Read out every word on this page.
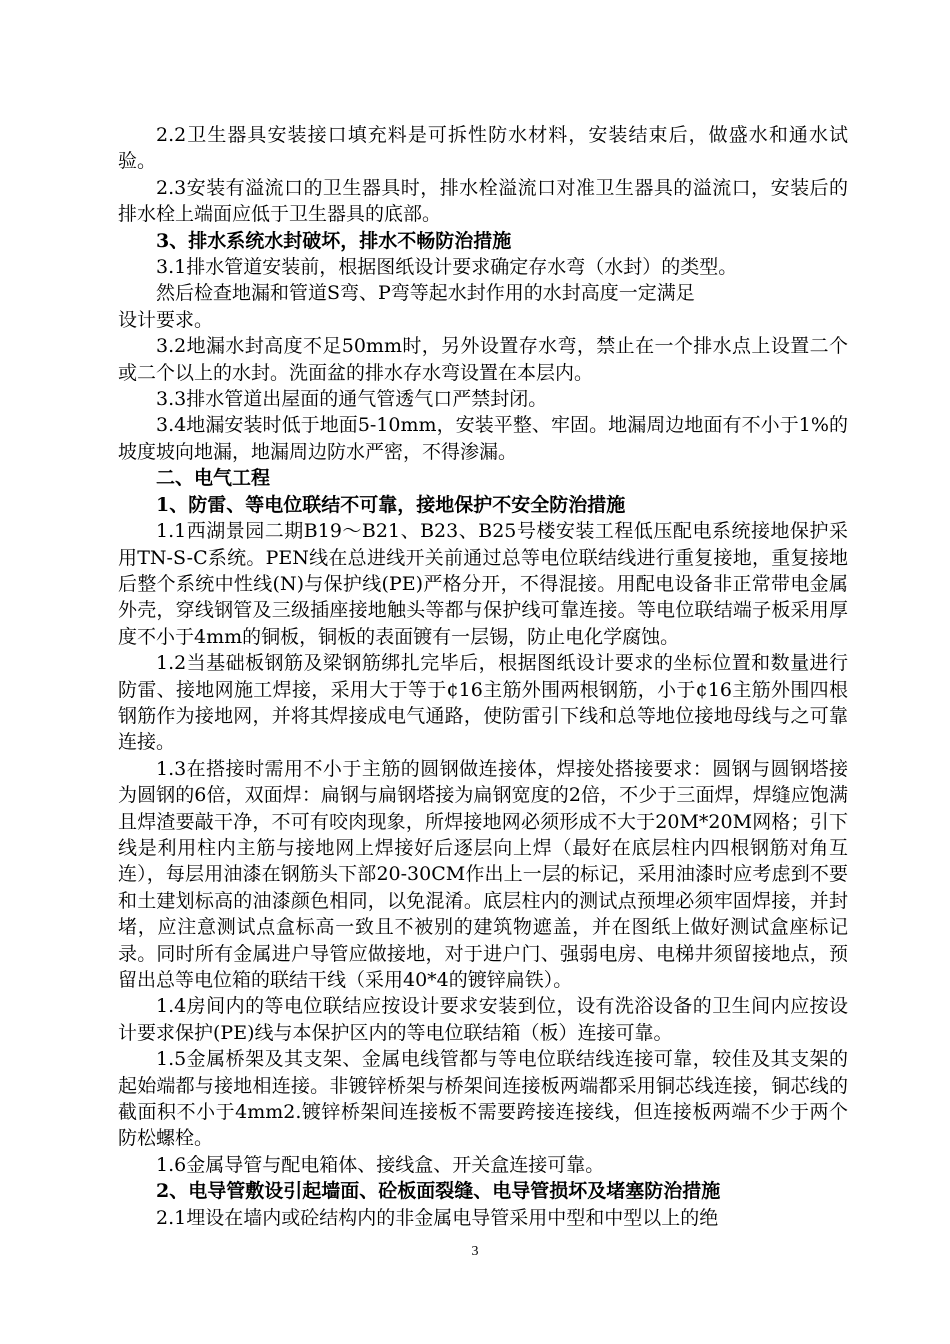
2.2卫生器具安装接口填充料是可拆性防水材料，安装结束后，做盛水和通水试验。

2.3安装有溢流口的卫生器具时，排水栓溢流口对准卫生器具的溢流口，安装后的排水栓上端面应低于卫生器具的底部。

3、排水系统水封破坏，排水不畅防治措施

3.1排水管道安装前，根据图纸设计要求确定存水弯（水封）的类型。

然后检查地漏和管道S弯、P弯等起水封作用的水封高度一定满足

设计要求。

3.2地漏水封高度不足50mm时，另外设置存水弯，禁止在一个排水点上设置二个或二个以上的水封。洗面盆的排水存水弯设置在本层内。

3.3排水管道出屋面的通气管透气口严禁封闭。

3.4地漏安装时低于地面5-10mm，安装平整、牢固。地漏周边地面有不小于1%的坡度坡向地漏，地漏周边防水严密，不得渗漏。

二、电气工程

1、防雷、等电位联结不可靠，接地保护不安全防治措施

1.1西湖景园二期B19～B21、B23、B25号楼安装工程低压配电系统接地保护采用TN-S-C系统。PEN线在总进线开关前通过总等电位联结线进行重复接地，重复接地后整个系统中性线(N)与保护线(PE)严格分开，不得混接。用配电设备非正常带电金属外壳，穿线钢管及三级插座接地触头等都与保护线可靠连接。等电位联结端子板采用厚度不小于4mm的铜板，铜板的表面镀有一层锡，防止电化学腐蚀。

1.2当基础板钢筋及梁钢筋绑扎完毕后，根据图纸设计要求的坐标位置和数量进行防雷、接地网施工焊接，采用大于等于¢16主筋外围两根钢筋，小于¢16主筋外围四根钢筋作为接地网，并将其焊接成电气通路，使防雷引下线和总等地位接地母线与之可靠连接。

1.3在搭接时需用不小于主筋的圆钢做连接体，焊接处搭接要求：圆钢与圆钢塔接为圆钢的6倍，双面焊：扁钢与扁钢塔接为扁钢宽度的2倍，不少于三面焊，焊缝应饱满且焊渣要敲干净，不可有咬肉现象，所焊接地网必须形成不大于20M*20M网格；引下线是利用柱内主筋与接地网上焊接好后逐层向上焊（最好在底层柱内四根钢筋对角互连），每层用油漆在钢筋头下部20-30CM作出上一层的标记，采用油漆时应考虑到不要和土建划标高的油漆颜色相同，以免混淆。底层柱内的测试点预埋必须牢固焊接，并封堵，应注意测试点盒标高一致且不被别的建筑物遮盖，并在图纸上做好测试盒座标记录。同时所有金属进户导管应做接地，对于进户门、强弱电房、电梯井须留接地点，预留出总等电位箱的联结干线（采用40*4的镀锌扁铁）。

1.4房间内的等电位联结应按设计要求安装到位，设有洗浴设备的卫生间内应按设计要求保护(PE)线与本保护区内的等电位联结箱（板）连接可靠。

1.5金属桥架及其支架、金属电线管都与等电位联结线连接可靠，较佳及其支架的起始端都与接地相连接。非镀锌桥架与桥架间连接板两端都采用铜芯线连接，铜芯线的截面积不小于4mm2.镀锌桥架间连接板不需要跨接连接线，但连接板两端不少于两个防松螺栓。

1.6金属导管与配电箱体、接线盒、开关盒连接可靠。

2、电导管敷设引起墙面、砼板面裂缝、电导管损坏及堵塞防治措施

2.1埋设在墙内或砼结构内的非金属电导管采用中型和中型以上的绝

3
